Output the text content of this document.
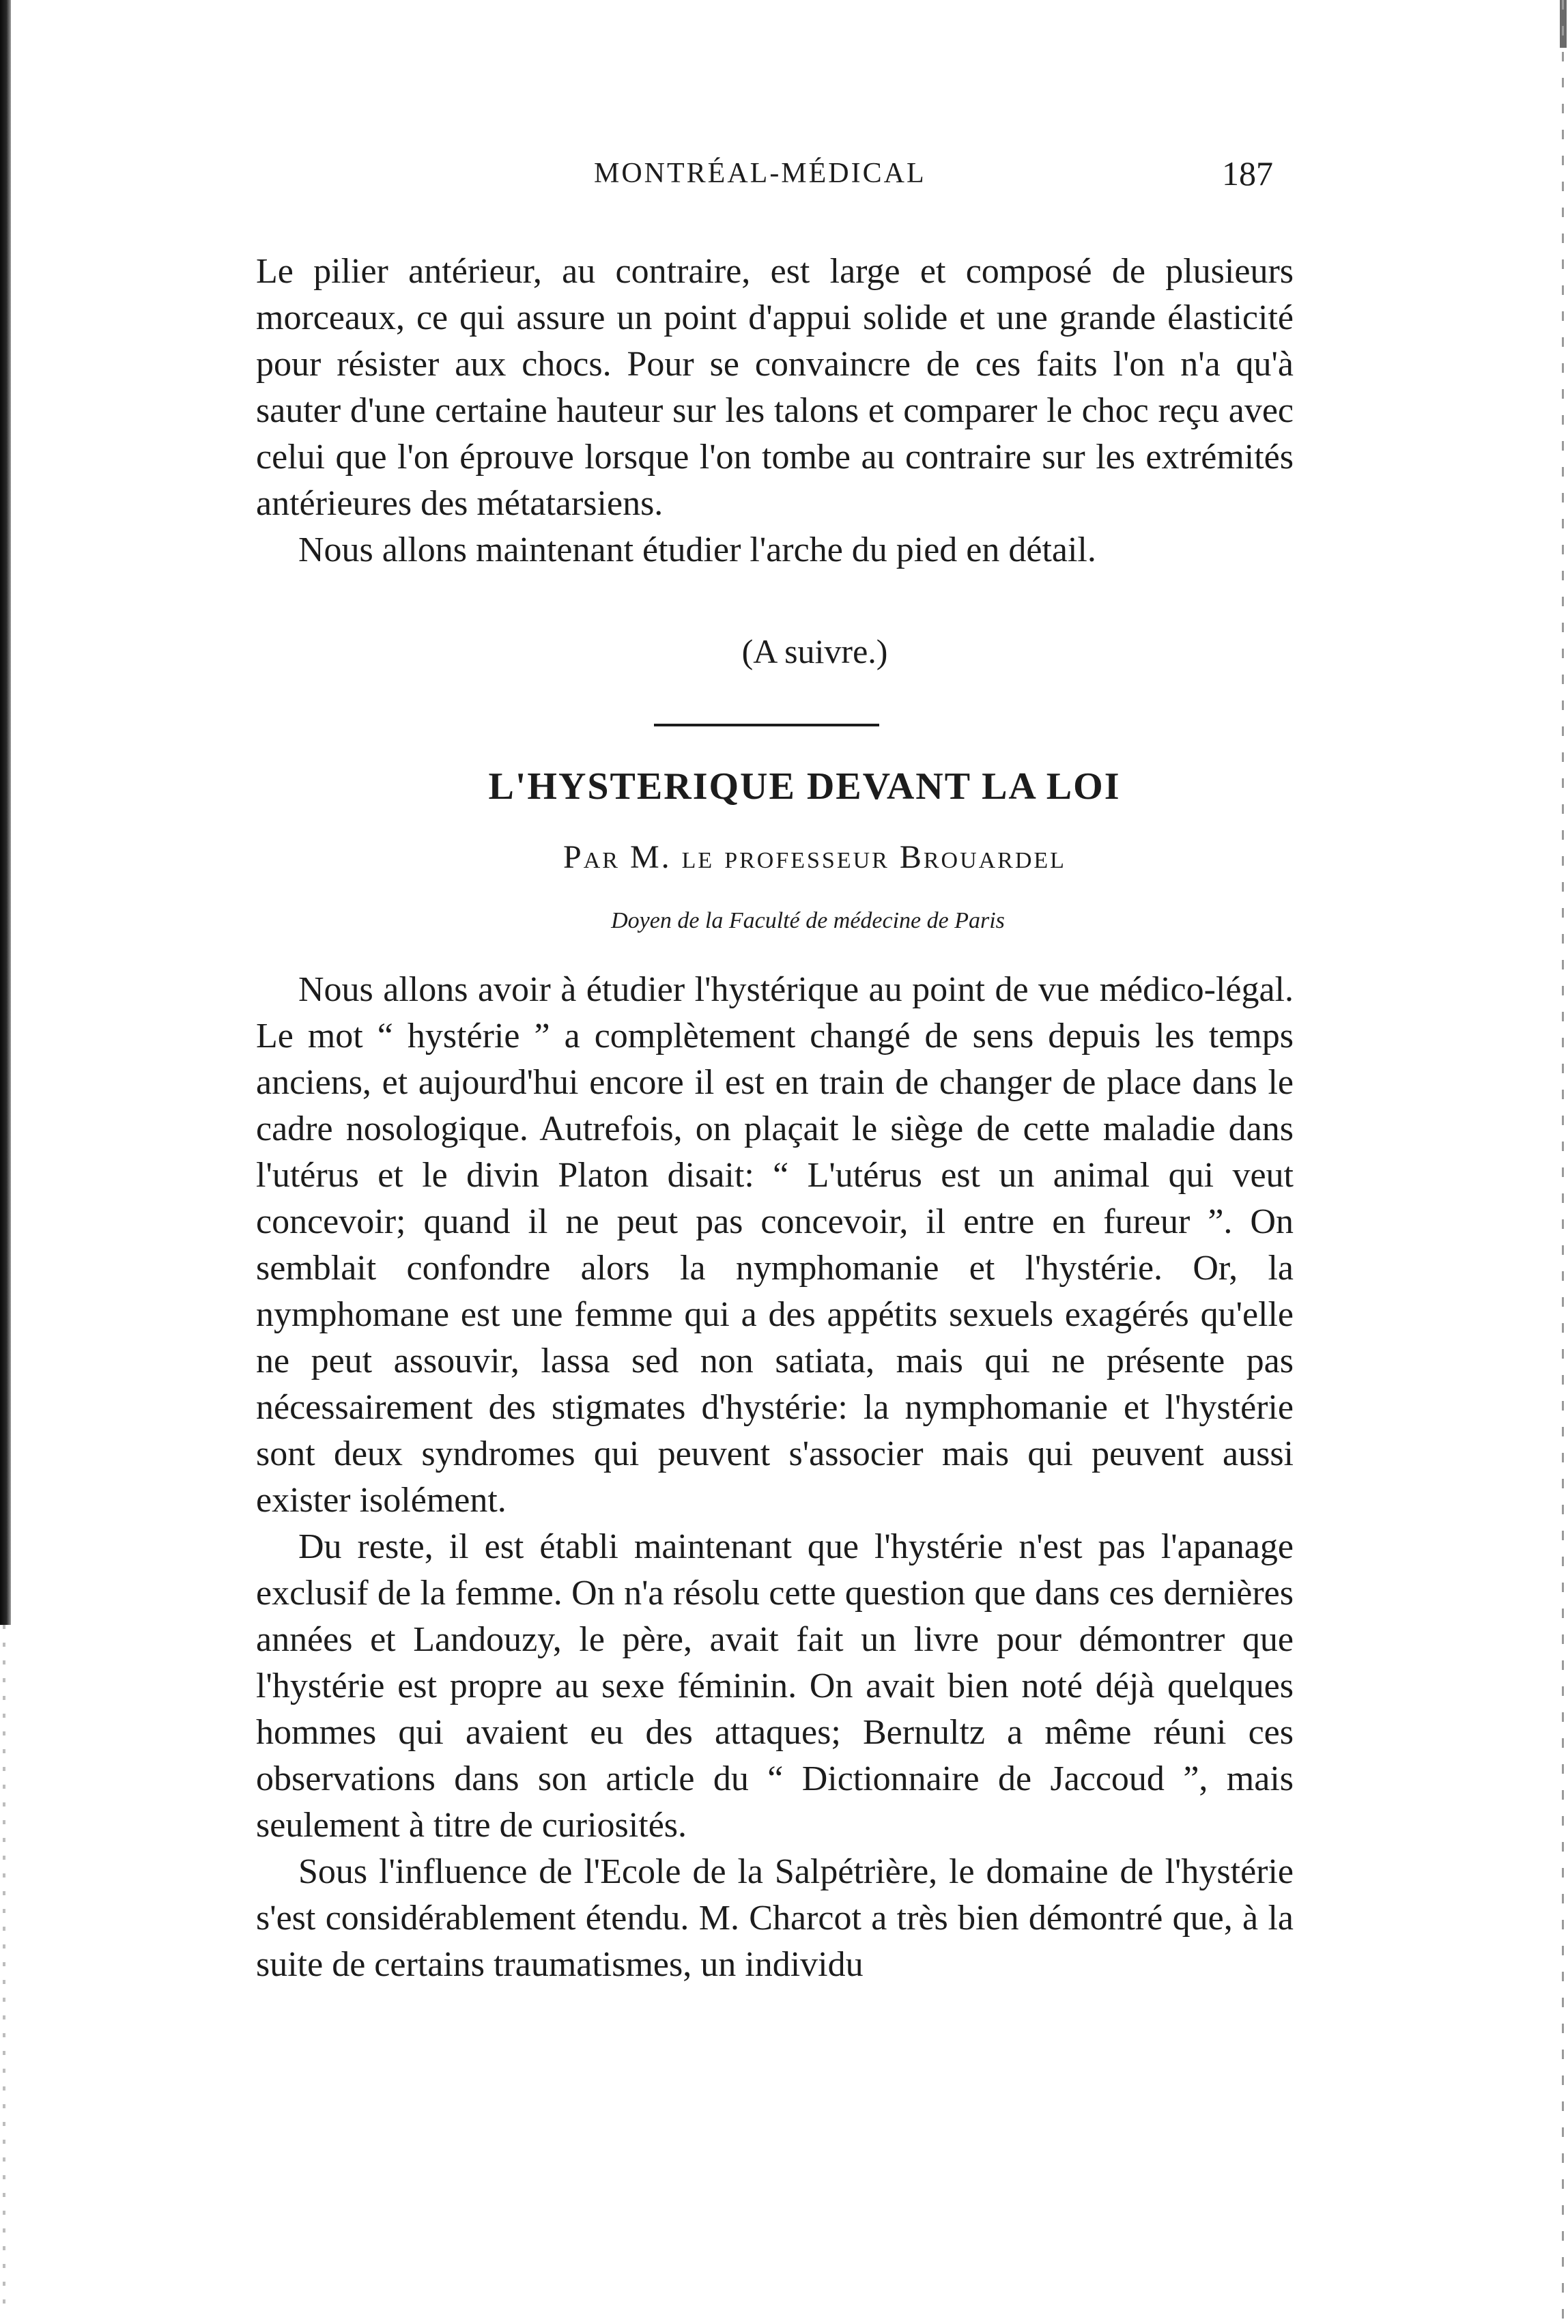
MONTRÉAL-MÉDICAL	187

Le pilier antérieur, au contraire, est large et composé de plusieurs morceaux, ce qui assure un point d'appui solide et une grande élasticité pour résister aux chocs. Pour se convaincre de ces faits l'on n'a qu'à sauter d'une certaine hauteur sur les talons et comparer le choc reçu avec celui que l'on éprouve lorsque l'on tombe au contraire sur les extrémités antérieures des métatarsiens.

Nous allons maintenant étudier l'arche du pied en détail.

(A suivre.)
L'HYSTERIQUE DEVANT LA LOI
Par M. le professeur Brouardel
Doyen de la Faculté de médecine de Paris

Nous allons avoir à étudier l'hystérique au point de vue médico-légal. Le mot “ hystérie ” a complètement changé de sens depuis les temps anciens, et aujourd'hui encore il est en train de changer de place dans le cadre nosologique. Autrefois, on plaçait le siège de cette maladie dans l'utérus et le divin Platon disait: “ L'utérus est un animal qui veut concevoir; quand il ne peut pas concevoir, il entre en fureur ”. On semblait confondre alors la nymphomanie et l'hystérie. Or, la nymphomane est une femme qui a des appétits sexuels exagérés qu'elle ne peut assouvir, lassa sed non satiata, mais qui ne présente pas nécessairement des stigmates d'hystérie: la nymphomanie et l'hystérie sont deux syndromes qui peuvent s'associer mais qui peuvent aussi exister isolément.

Du reste, il est établi maintenant que l'hystérie n'est pas l'apanage exclusif de la femme. On n'a résolu cette question que dans ces dernières années et Landouzy, le père, avait fait un livre pour démontrer que l'hystérie est propre au sexe féminin. On avait bien noté déjà quelques hommes qui avaient eu des attaques; Bernultz a même réuni ces observations dans son article du “ Dictionnaire de Jaccoud ”, mais seulement à titre de curiosités.

Sous l'influence de l'Ecole de la Salpétrière, le domaine de l'hystérie s'est considérablement étendu. M. Charcot a très bien démontré que, à la suite de certains traumatismes, un individu
